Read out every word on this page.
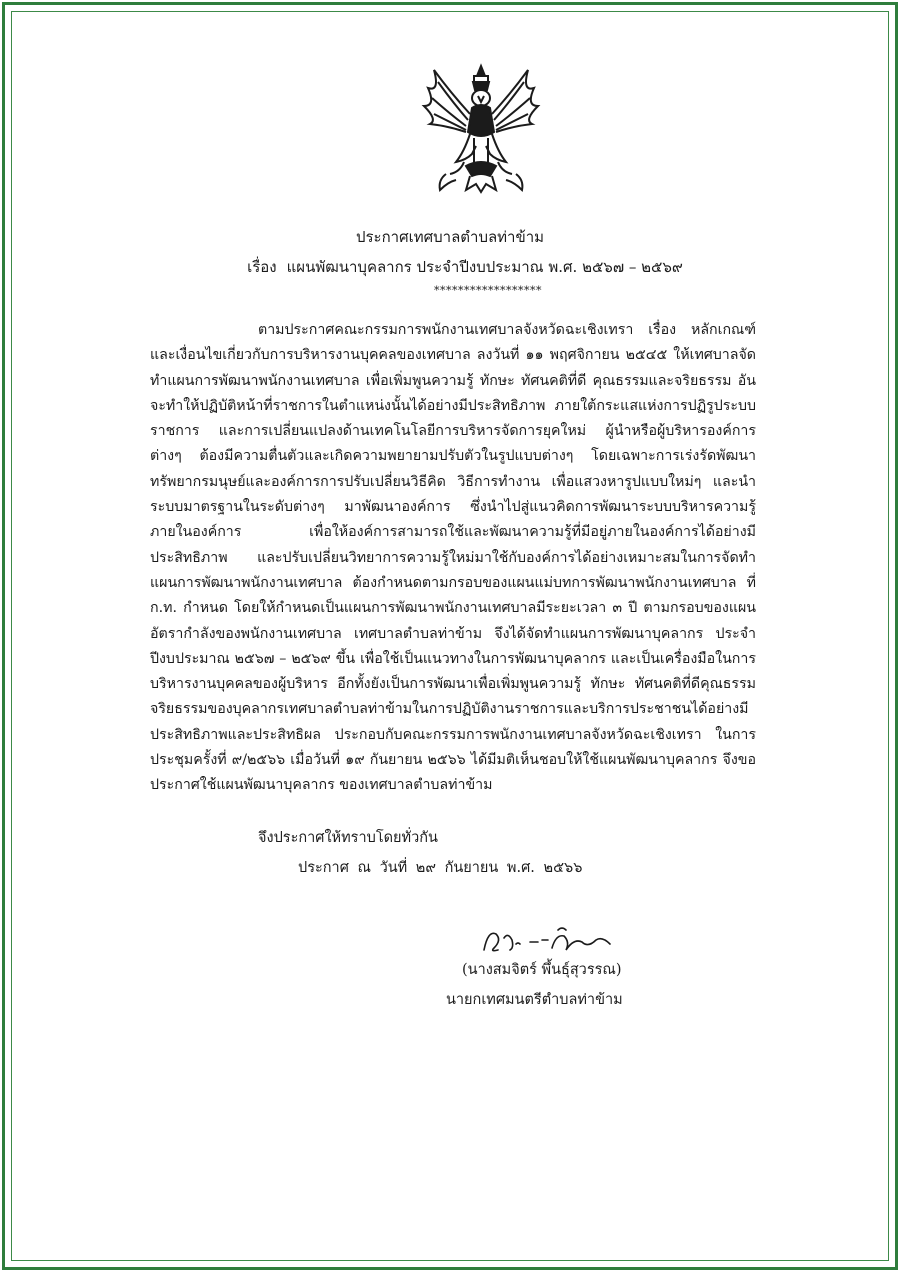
ประกาศเทศบาลตำบลท่าข้าม
เรื่อง แผนพัฒนาบุคลากร ประจำปีงบประมาณ พ.ศ. ๒๕๖๗ – ๒๕๖๙
******************
ตามประกาศคณะกรรมการพนักงานเทศบาลจังหวัดฉะเชิงเทรา เรื่อง หลักเกณฑ์และเงื่อนไขเกี่ยวกับการบริหารงานบุคคลของเทศบาล ลงวันที่ ๑๑ พฤศจิกายน ๒๕๔๕ ให้เทศบาลจัดทำแผนการพัฒนาพนักงานเทศบาล เพื่อเพิ่มพูนความรู้ ทักษะ ทัศนคติที่ดี คุณธรรมและจริยธรรม อันจะทำให้ปฏิบัติหน้าที่ราชการในตำแหน่งนั้นได้อย่างมีประสิทธิภาพ ภายใต้กระแสแห่งการปฏิรูประบบราชการ และการเปลี่ยนแปลงด้านเทคโนโลยีการบริหารจัดการยุคใหม่ ผู้นำหรือผู้บริหารองค์การต่างๆ ต้องมีความตื่นตัวและเกิดความพยายามปรับตัวในรูปแบบต่างๆ โดยเฉพาะการเร่งรัดพัฒนาทรัพยากรมนุษย์และองค์การการปรับเปลี่ยนวิธีคิด วิธีการทำงาน เพื่อแสวงหารูปแบบใหม่ๆ และนำระบบมาตรฐานในระดับต่างๆ มาพัฒนาองค์การ ซึ่งนำไปสู่แนวคิดการพัฒนาระบบบริหารความรู้ภายในองค์การ เพื่อให้องค์การสามารถใช้และพัฒนาความรู้ที่มีอยู่ภายในองค์การได้อย่างมีประสิทธิภาพ และปรับเปลี่ยนวิทยาการความรู้ใหม่มาใช้กับองค์การได้อย่างเหมาะสมในการจัดทำแผนการพัฒนาพนักงานเทศบาล ต้องกำหนดตามกรอบของแผนแม่บทการพัฒนาพนักงานเทศบาล ที่ ก.ท. กำหนด โดยให้กำหนดเป็นแผนการพัฒนาพนักงานเทศบาลมีระยะเวลา ๓ ปี ตามกรอบของแผนอัตรากำลังของพนักงานเทศบาล เทศบาลตำบลท่าข้าม จึงได้จัดทำแผนการพัฒนาบุคลากร ประจำปีงบประมาณ ๒๕๖๗ – ๒๕๖๙ ขึ้น เพื่อใช้เป็นแนวทางในการพัฒนาบุคลากร และเป็นเครื่องมือในการบริหารงานบุคคลของผู้บริหาร อีกทั้งยังเป็นการพัฒนาเพื่อเพิ่มพูนความรู้ ทักษะ ทัศนคติที่ดีคุณธรรม จริยธรรมของบุคลากรเทศบาลตำบลท่าข้ามในการปฏิบัติงานราชการและบริการประชาชนได้อย่างมีประสิทธิภาพและประสิทธิผล ประกอบกับคณะกรรมการพนักงานเทศบาลจังหวัดฉะเชิงเทรา ในการประชุมครั้งที่ ๙/๒๕๖๖ เมื่อวันที่ ๑๙ กันยายน ๒๕๖๖ ได้มีมติเห็นชอบให้ใช้แผนพัฒนาบุคลากร จึงขอประกาศใช้แผนพัฒนาบุคลากร ของเทศบาลตำบลท่าข้าม
จึงประกาศให้ทราบโดยทั่วกัน
ประกาศ ณ วันที่ ๒๙ กันยายน พ.ศ. ๒๕๖๖
(นางสมจิตร์ พึ้นธุ์สุวรรณ)
นายกเทศมนตรีตำบลท่าข้าม
